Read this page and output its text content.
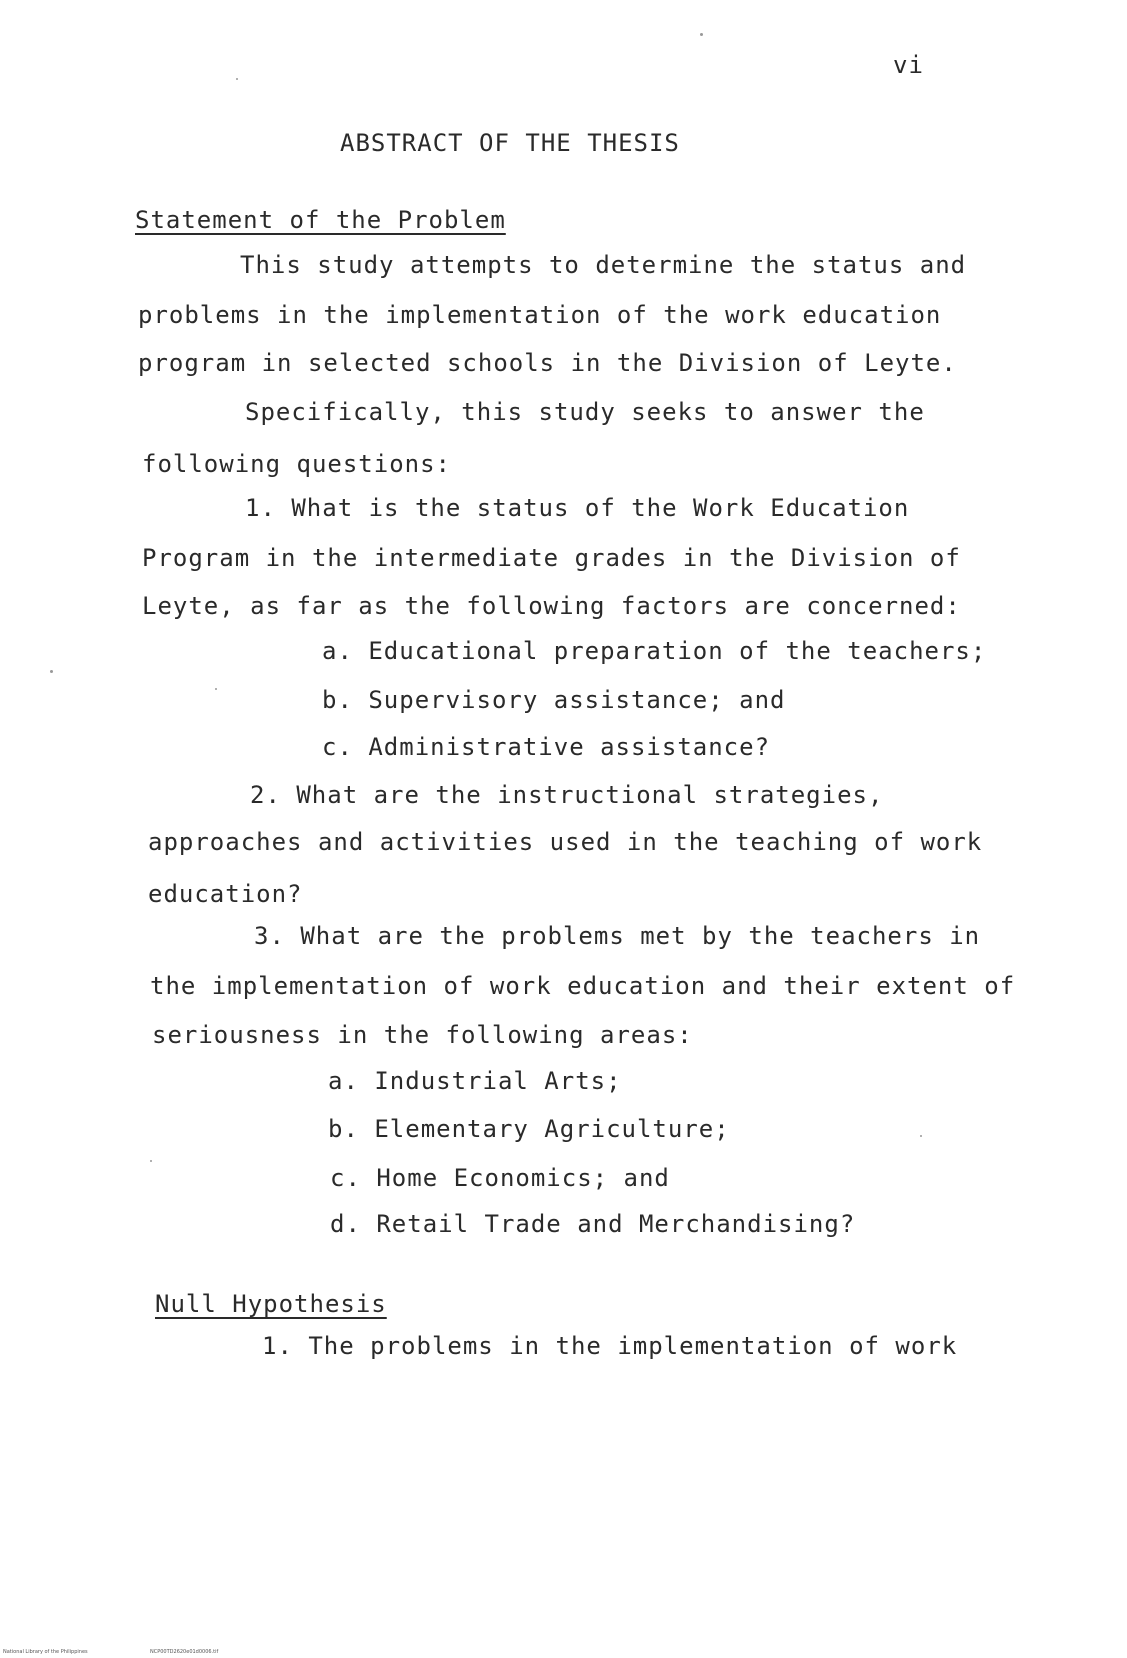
vi
ABSTRACT OF THE THESIS
Statement of the Problem
This study attempts to determine the status and
problems in the implementation of the work education
program in selected schools in the Division of Leyte.
Specifically, this study seeks to answer the
following questions:
1. What is the status of the Work Education
Program in the intermediate grades in the Division of
Leyte, as far as the following factors are concerned:
a. Educational preparation of the teachers;
b. Supervisory assistance; and
c. Administrative assistance?
2. What are the instructional strategies,
approaches and activities used in the teaching of work
education?
3. What are the problems met by the teachers in
the implementation of work education and their extent of
seriousness in the following areas:
a. Industrial Arts;
b. Elementary Agriculture;
c. Home Economics; and
d. Retail Trade and Merchandising?
Null Hypothesis
1. The problems in the implementation of work
National Library of the Philippines	NCP00TD2620e01d0006.tif
